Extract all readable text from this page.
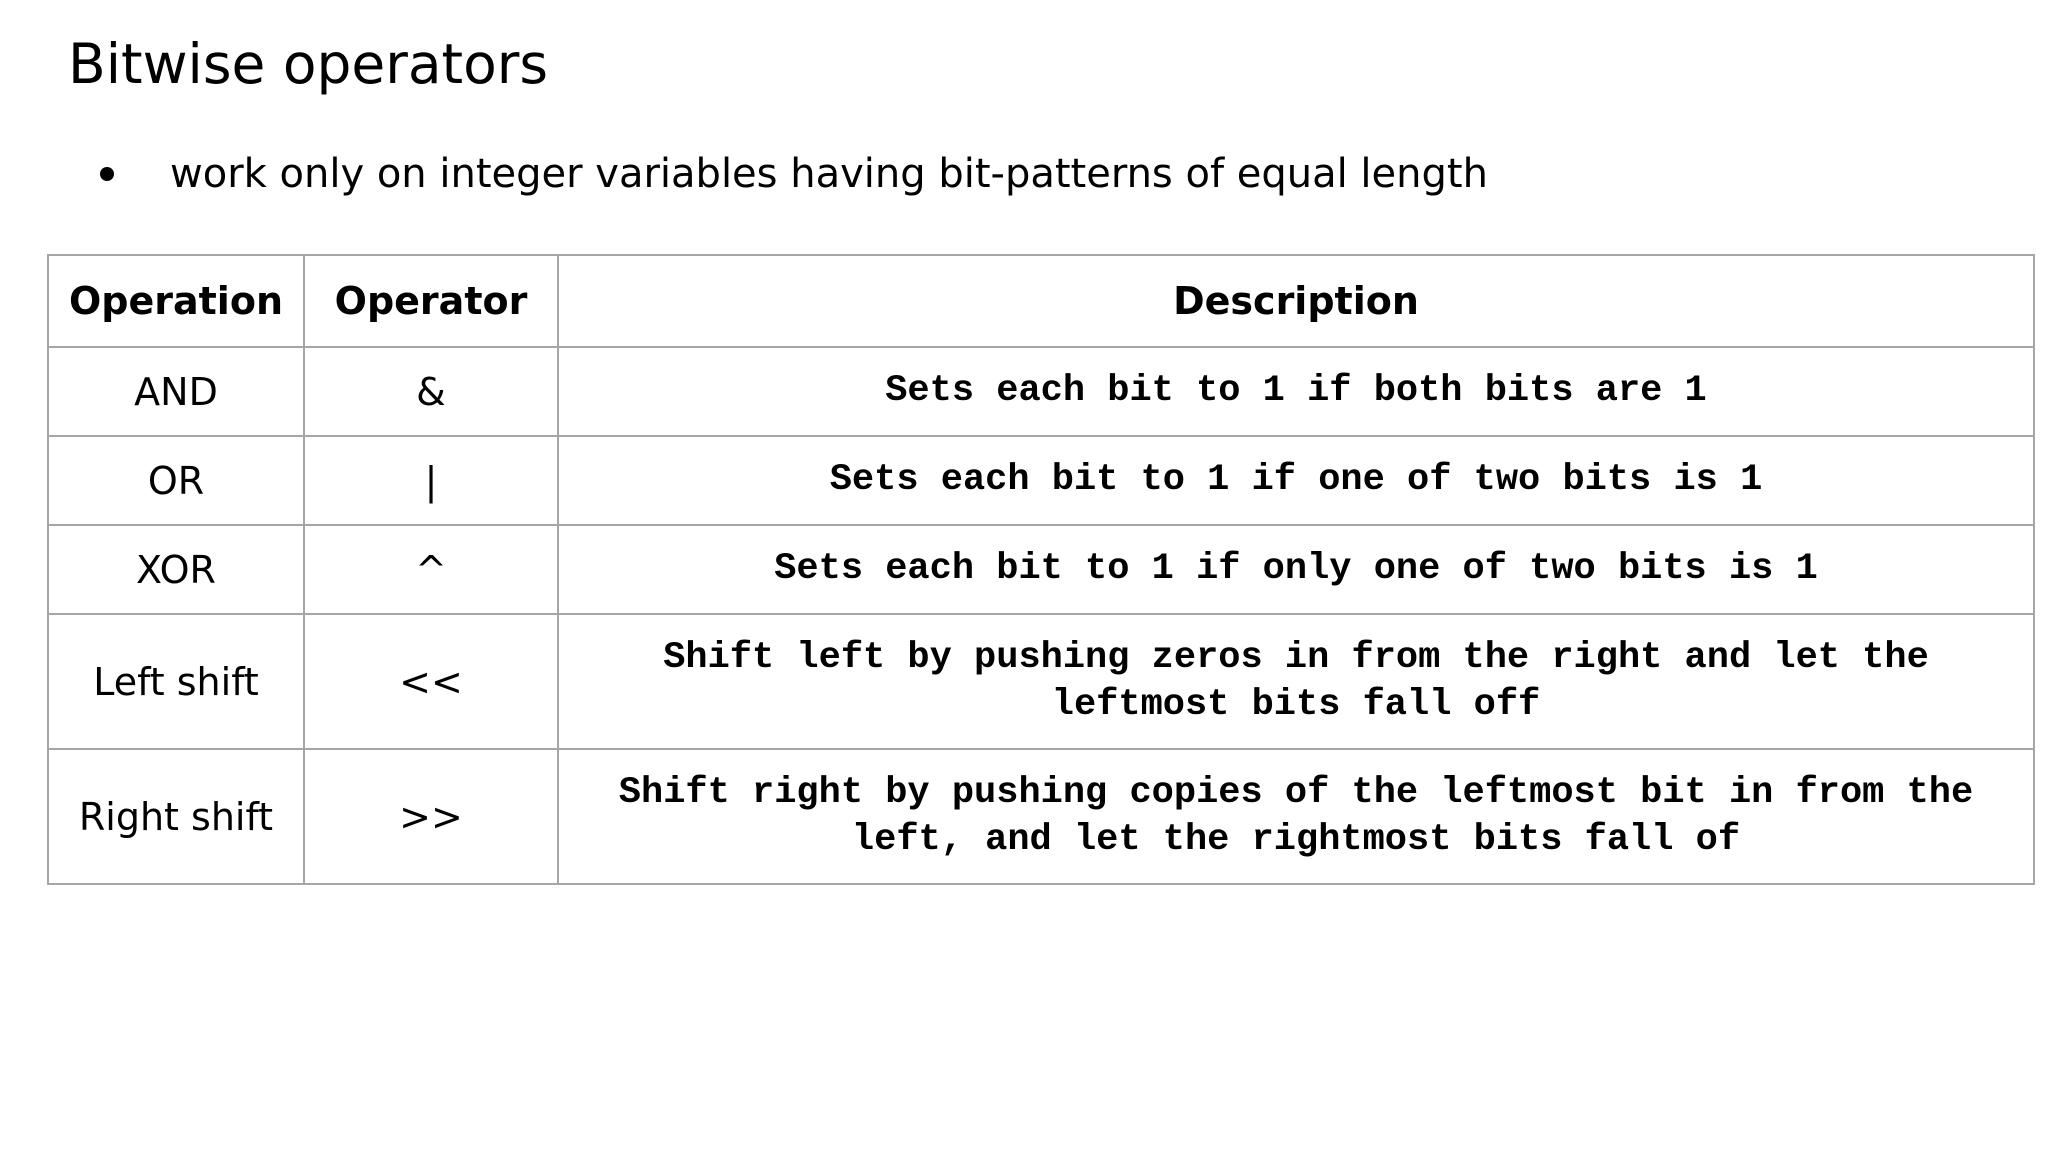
Bitwise operators
work only on integer variables having bit-patterns of equal length
Operation	Operator	Description
AND	&	Sets each bit to 1 if both bits are 1
OR	|	Sets each bit to 1 if one of two bits is 1
XOR	^	Sets each bit to 1 if only one of two bits is 1
Left shift	<<	Shift left by pushing zeros in from the right and let the leftmost bits fall off
Right shift	>>	Shift right by pushing copies of the leftmost bit in from the left, and let the rightmost bits fall of
